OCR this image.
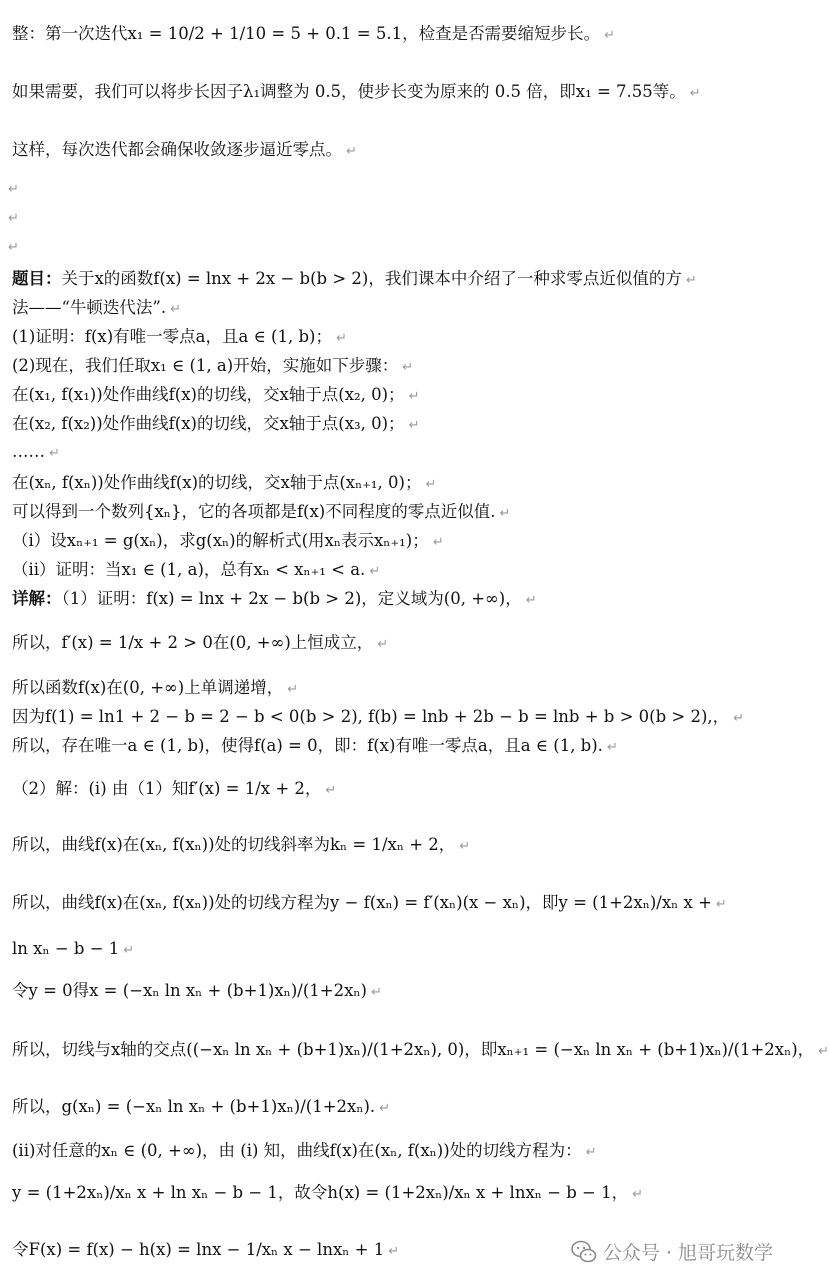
整：第一次迭代x₁ = 10/2 + 1/10 = 5 + 0.1 = 5.1，检查是否需要缩短步长。 ↵
如果需要，我们可以将步长因子λ₁调整为 0.5，使步长变为原来的 0.5 倍，即x₁ = 7.55等。 ↵
这样，每次迭代都会确保收敛逐步逼近零点。 ↵
题目：关于x的函数f(x) = lnx + 2x − b(b > 2)，我们课本中介绍了一种求零点近似值的方 ↵
法——“牛顿迭代法”. ↵
(1)证明：f(x)有唯一零点a，且a ∈ (1, b)； ↵
(2)现在，我们任取x₁ ∈ (1, a)开始，实施如下步骤： ↵
在(x₁, f(x₁))处作曲线f(x)的切线，交x轴于点(x₂, 0)； ↵
在(x₂, f(x₂))处作曲线f(x)的切线，交x轴于点(x₃, 0)； ↵
…… ↵
在(xₙ, f(xₙ))处作曲线f(x)的切线，交x轴于点(xₙ₊₁, 0)； ↵
可以得到一个数列{xₙ}，它的各项都是f(x)不同程度的零点近似值. ↵
（i）设xₙ₊₁ = g(xₙ)，求g(xₙ)的解析式(用xₙ表示xₙ₊₁)； ↵
（ii）证明：当x₁ ∈ (1, a)，总有xₙ < xₙ₊₁ < a. ↵
详解：（1）证明：f(x) = lnx + 2x − b(b > 2)，定义域为(0, +∞)， ↵
所以，f′(x) = 1/x + 2 > 0在(0, +∞)上恒成立， ↵
所以函数f(x)在(0, +∞)上单调递增， ↵
因为f(1) = ln1 + 2 − b = 2 − b < 0(b > 2), f(b) = lnb + 2b − b = lnb + b > 0(b > 2),， ↵
所以，存在唯一a ∈ (1, b)，使得f(a) = 0，即：f(x)有唯一零点a，且a ∈ (1, b). ↵
（2）解：(i) 由（1）知f′(x) = 1/x + 2， ↵
所以，曲线f(x)在(xₙ, f(xₙ))处的切线斜率为kₙ = 1/xₙ + 2， ↵
所以，曲线f(x)在(xₙ, f(xₙ))处的切线方程为y − f(xₙ) = f′(xₙ)(x − xₙ)，即y = (1+2xₙ)/xₙ x + ↵
ln xₙ − b − 1 ↵
令y = 0得x = (−xₙ ln xₙ + (b+1)xₙ)/(1+2xₙ) ↵
所以，切线与x轴的交点((−xₙ ln xₙ + (b+1)xₙ)/(1+2xₙ), 0)，即xₙ₊₁ = (−xₙ ln xₙ + (b+1)xₙ)/(1+2xₙ)， ↵
所以，g(xₙ) = (−xₙ ln xₙ + (b+1)xₙ)/(1+2xₙ). ↵
(ii)对任意的xₙ ∈ (0, +∞)，由 (i) 知，曲线f(x)在(xₙ, f(xₙ))处的切线方程为： ↵
y = (1+2xₙ)/xₙ x + ln xₙ − b − 1，故令h(x) = (1+2xₙ)/xₙ x + lnxₙ − b − 1， ↵
令F(x) = f(x) − h(x) = lnx − 1/xₙ x − lnxₙ + 1 ↵
↵
↵
↵
公众号 · 旭哥玩数学
